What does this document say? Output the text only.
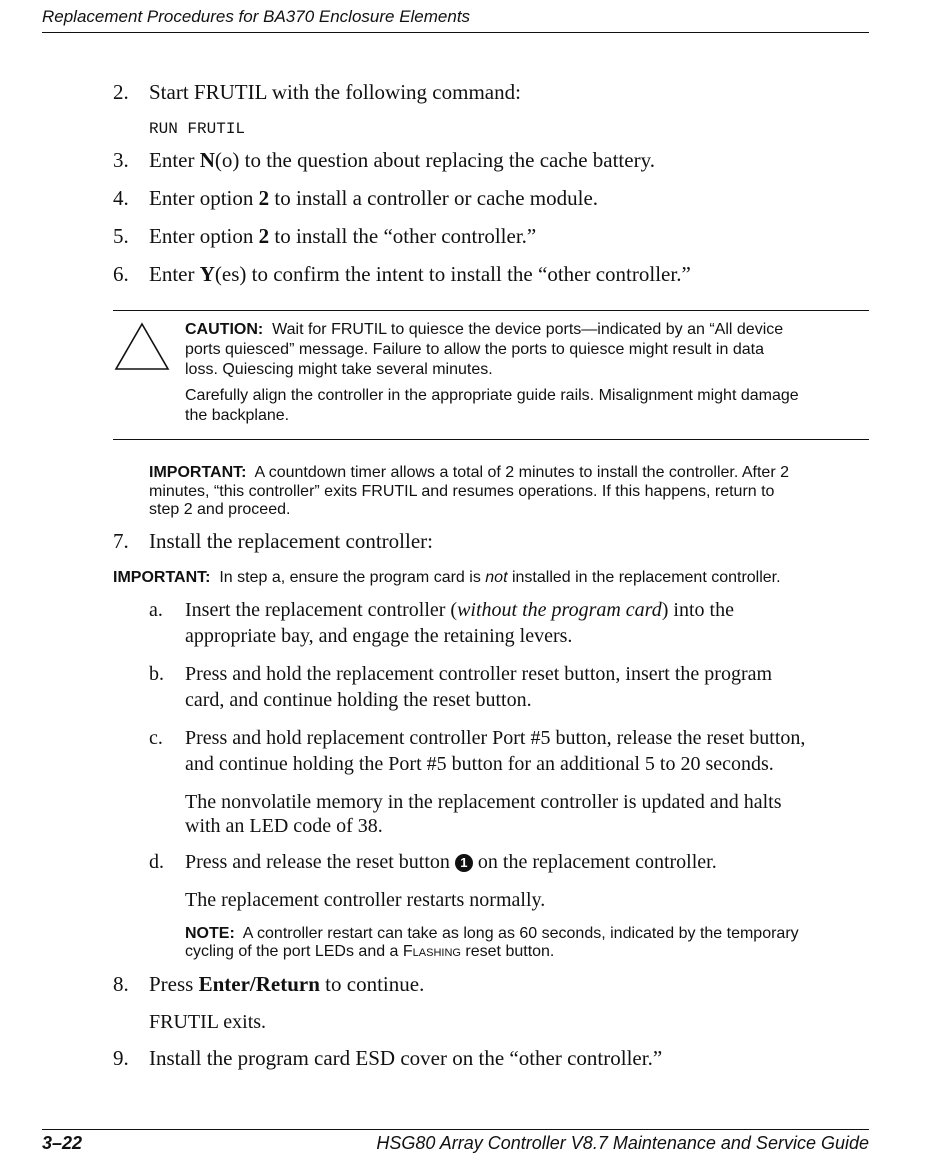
Replacement Procedures for BA370 Enclosure Elements
2. Start FRUTIL with the following command:
RUN FRUTIL
3. Enter N(o) to the question about replacing the cache battery.
4. Enter option 2 to install a controller or cache module.
5. Enter option 2 to install the “other controller.”
6. Enter Y(es) to confirm the intent to install the “other controller.”
CAUTION: Wait for FRUTIL to quiesce the device ports—indicated by an “All device
ports quiesced” message. Failure to allow the ports to quiesce might result in data
loss. Quiescing might take several minutes.
Carefully align the controller in the appropriate guide rails. Misalignment might damage
the backplane.
IMPORTANT: A countdown timer allows a total of 2 minutes to install the controller. After 2
minutes, “this controller” exits FRUTIL and resumes operations. If this happens, return to
step 2 and proceed.
7. Install the replacement controller:
IMPORTANT: In step a, ensure the program card is not installed in the replacement controller.
a. Insert the replacement controller (without the program card) into the
appropriate bay, and engage the retaining levers.
b. Press and hold the replacement controller reset button, insert the program
card, and continue holding the reset button.
c. Press and hold replacement controller Port #5 button, release the reset button,
and continue holding the Port #5 button for an additional 5 to 20 seconds.
The nonvolatile memory in the replacement controller is updated and halts
with an LED code of 38.
d. Press and release the reset button 1 on the replacement controller.
The replacement controller restarts normally.
NOTE: A controller restart can take as long as 60 seconds, indicated by the temporary
cycling of the port LEDs and a Flashing reset button.
8. Press Enter/Return to continue.
FRUTIL exits.
9. Install the program card ESD cover on the “other controller.”
3–22	HSG80 Array Controller V8.7 Maintenance and Service Guide
